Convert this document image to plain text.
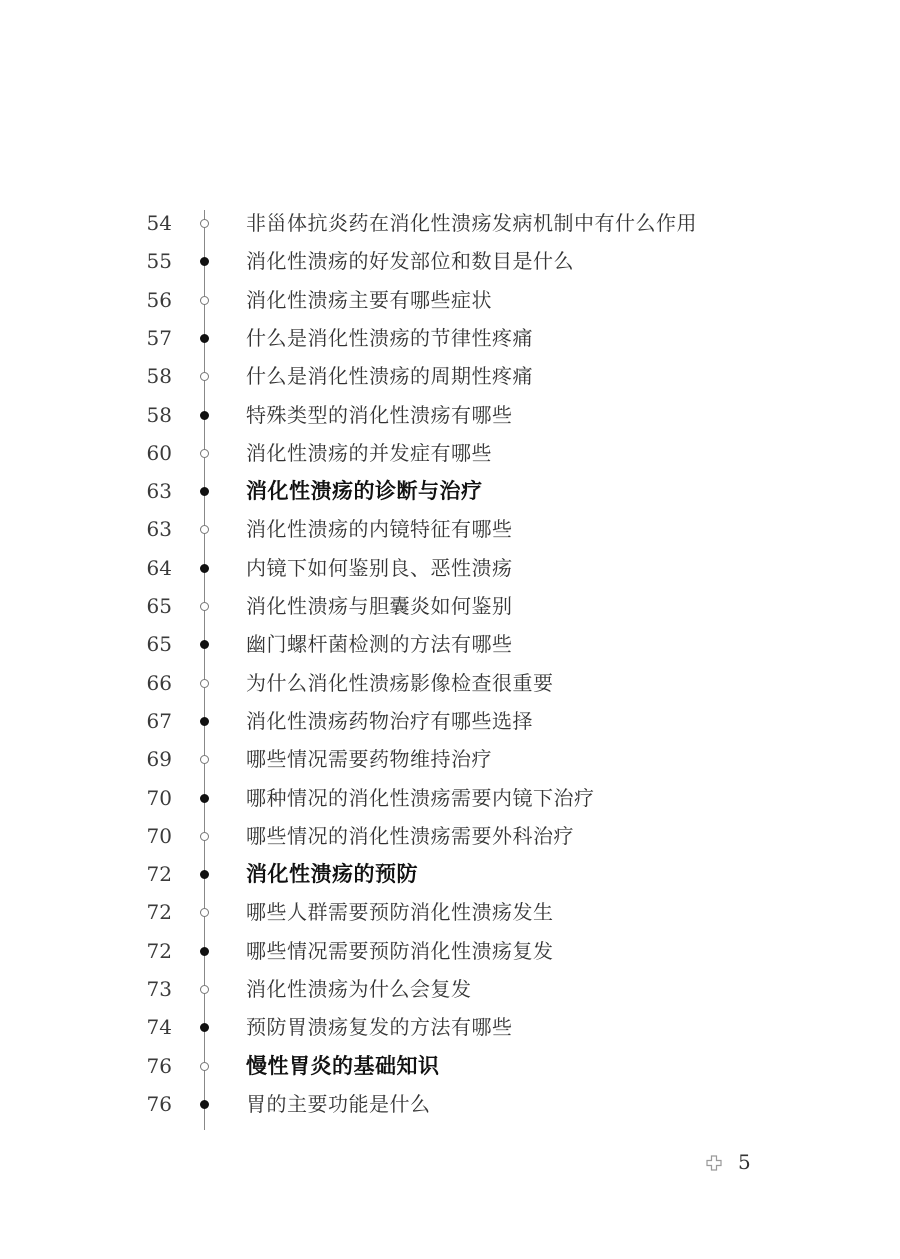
54	非甾体抗炎药在消化性溃疡发病机制中有什么作用
55	消化性溃疡的好发部位和数目是什么
56	消化性溃疡主要有哪些症状
57	什么是消化性溃疡的节律性疼痛
58	什么是消化性溃疡的周期性疼痛
58	特殊类型的消化性溃疡有哪些
60	消化性溃疡的并发症有哪些
63	消化性溃疡的诊断与治疗
63	消化性溃疡的内镜特征有哪些
64	内镜下如何鉴别良、恶性溃疡
65	消化性溃疡与胆囊炎如何鉴别
65	幽门螺杆菌检测的方法有哪些
66	为什么消化性溃疡影像检查很重要
67	消化性溃疡药物治疗有哪些选择
69	哪些情况需要药物维持治疗
70	哪种情况的消化性溃疡需要内镜下治疗
70	哪些情况的消化性溃疡需要外科治疗
72	消化性溃疡的预防
72	哪些人群需要预防消化性溃疡发生
72	哪些情况需要预防消化性溃疡复发
73	消化性溃疡为什么会复发
74	预防胃溃疡复发的方法有哪些
76	慢性胃炎的基础知识
76	胃的主要功能是什么
5
